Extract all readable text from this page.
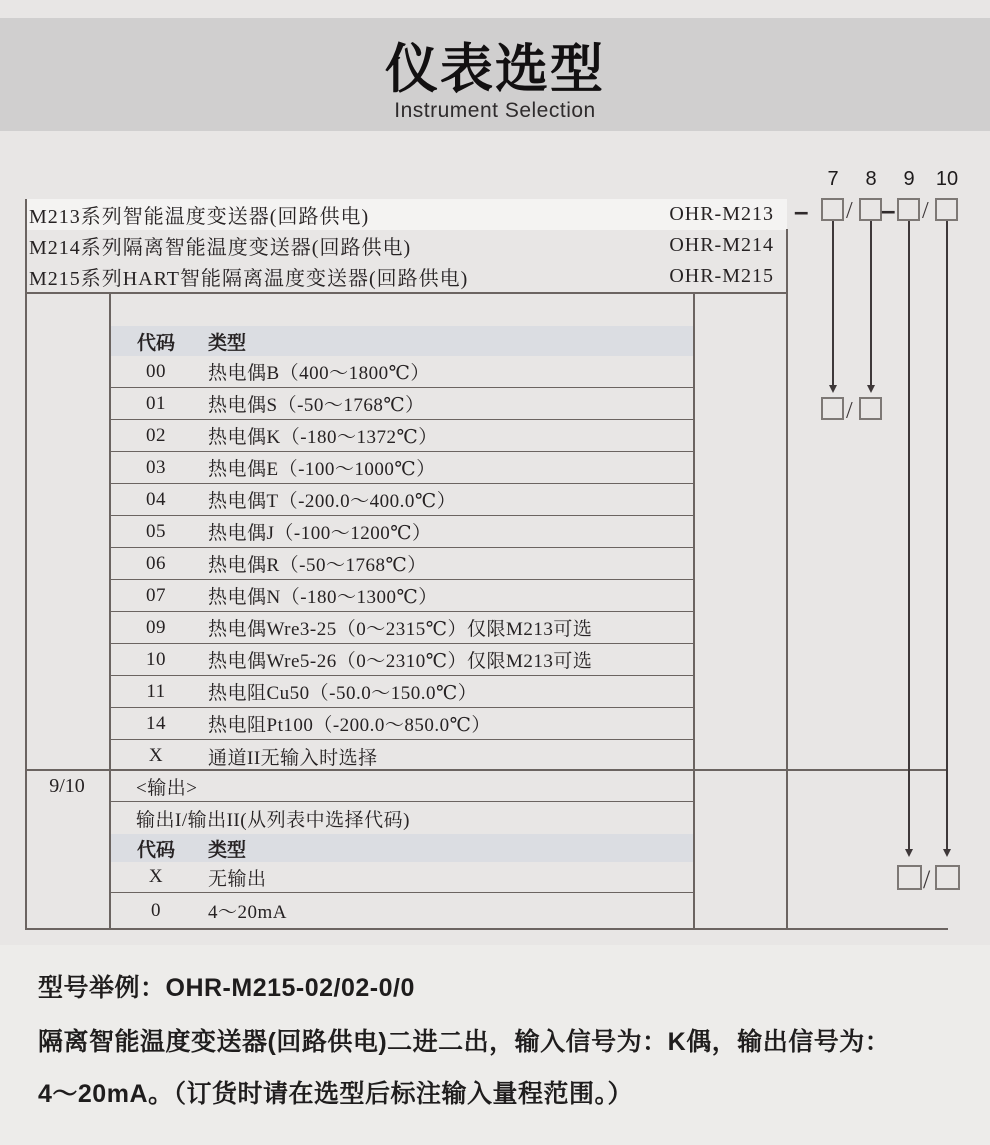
仪表选型
Instrument Selection
M213系列智能温度变送器(回路供电)	OHR-M213
M214系列隔离智能温度变送器(回路供电)	OHR-M214
M215系列HART智能隔离温度变送器(回路供电)	OHR-M215
代码	类型
00	热电偶B（400～1800℃）
01	热电偶S（-50～1768℃）
02	热电偶K（-180～1372℃）
03	热电偶E（-100～1000℃）
04	热电偶T（-200.0～400.0℃）
05	热电偶J（-100～1200℃）
06	热电偶R（-50～1768℃）
07	热电偶N（-180～1300℃）
09	热电偶Wre3-25（0～2315℃）仅限M213可选
10	热电偶Wre5-26（0～2310℃）仅限M213可选
11	热电阻Cu50（-50.0～150.0℃）
14	热电阻Pt100（-200.0～850.0℃）
X	通道II无输入时选择
9/10	<输出>
输出I/输出II(从列表中选择代码)
代码	类型
X	无输出
0	4～20mA
7 8 9 10
– / – /
/
/
型号举例：OHR-M215-02/02-0/0
隔离智能温度变送器(回路供电)二进二出，输入信号为：K偶，输出信号为：
4～20mA。（订货时请在选型后标注输入量程范围。）
